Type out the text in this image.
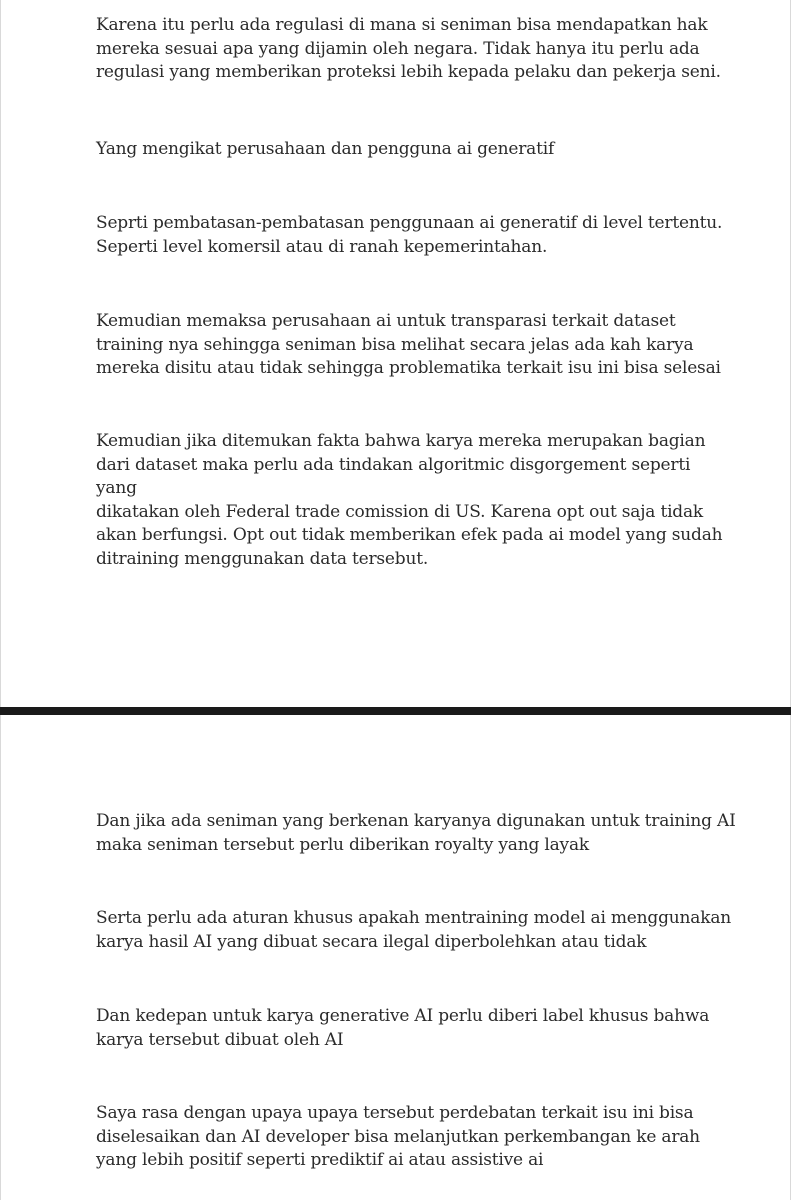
Karena itu perlu ada regulasi di mana si seniman bisa mendapatkan hak
mereka sesuai apa yang dijamin oleh negara. Tidak hanya itu perlu ada
regulasi yang memberikan proteksi lebih kepada pelaku dan pekerja seni.

Yang mengikat perusahaan dan pengguna ai generatif

Seprti pembatasan-pembatasan penggunaan ai generatif di level tertentu.
Seperti level komersil atau di ranah kepemerintahan.

Kemudian memaksa perusahaan ai untuk transparasi terkait dataset
training nya sehingga seniman bisa melihat secara jelas ada kah karya
mereka disitu atau tidak sehingga problematika terkait isu ini bisa selesai

Kemudian jika ditemukan fakta bahwa karya mereka merupakan bagian
dari dataset maka perlu ada tindakan algoritmic disgorgement seperti yang
dikatakan oleh Federal trade comission di US. Karena opt out saja tidak
akan berfungsi. Opt out tidak memberikan efek pada ai model yang sudah
ditraining menggunakan data tersebut.

Dan jika ada seniman yang berkenan karyanya digunakan untuk training AI
maka seniman tersebut perlu diberikan royalty yang layak

Serta perlu ada aturan khusus apakah mentraining model ai menggunakan
karya hasil AI yang dibuat secara ilegal diperbolehkan atau tidak

Dan kedepan untuk karya generative AI perlu diberi label khusus bahwa
karya tersebut dibuat oleh AI

Saya rasa dengan upaya upaya tersebut perdebatan terkait isu ini bisa
diselesaikan dan AI developer bisa melanjutkan perkembangan ke arah
yang lebih positif seperti prediktif ai atau assistive ai
